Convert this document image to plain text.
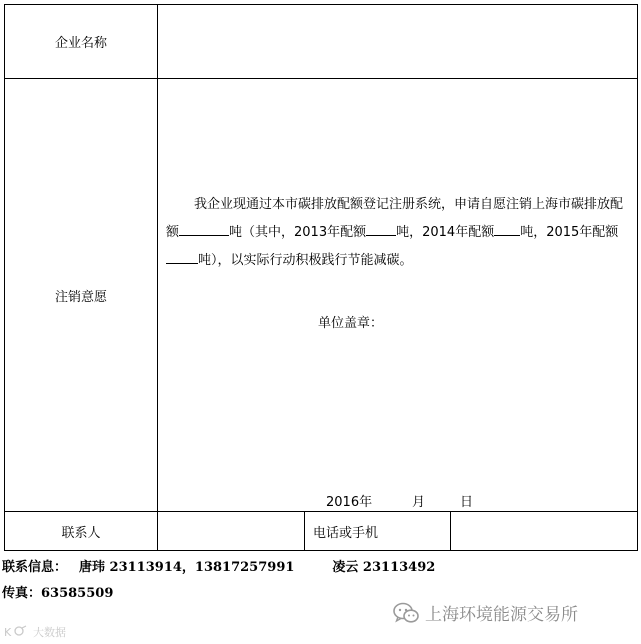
企业名称			
注销意愿	我企业现通过本市碳排放配额登记注册系统，申请自愿注销上海市碳排放配额 吨（其中，2013年配额 吨，2014年配额 吨，2015年配额吨），以实际行动积极践行节能减碳。
单位盖章：
2016年 月 日		

联系人		电话或手机	
联系信息： 唐玮 23113914，13817257991	凌云 23113492
传真：63585509
上海环境能源交易所
K 大数据
